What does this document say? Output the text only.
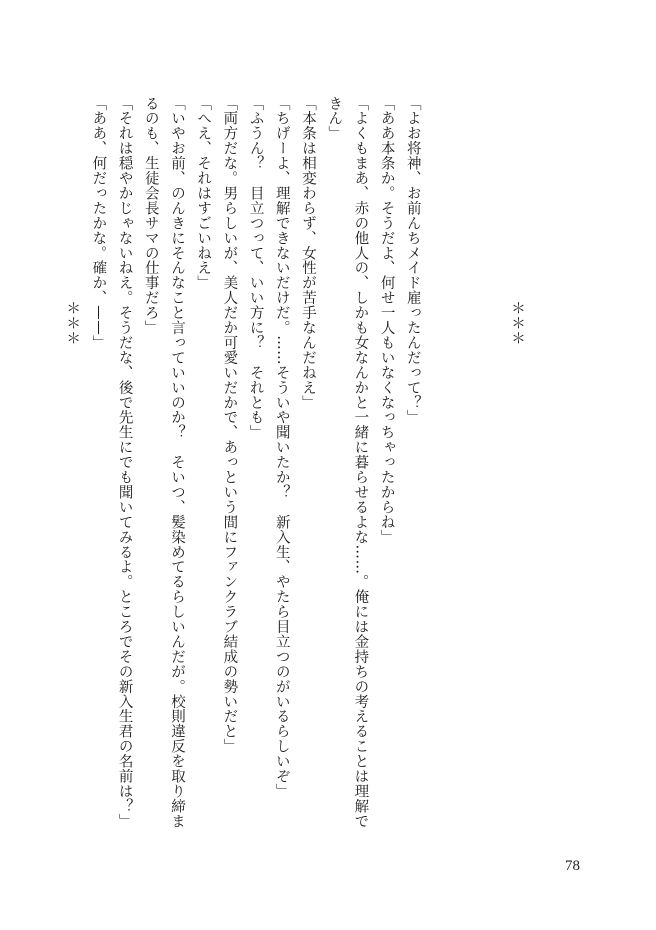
＊＊＊
「よお将神、お前んちメイド雇ったんだって？」
「ああ本条か。そうだよ、何せ一人もいなくなっちゃったからね」
「よくもまあ、赤の他人の、しかも女なんかと一緒に暮らせるよな……。俺には金持ちの考えることは理解できん」
「本条は相変わらず、女性が苦手なんだねえ」
「ちげーよ、理解できないだけだ。……そういや聞いたか？　新入生、やたら目立つのがいるらしいぞ」
「ふうん？　目立つって、いい方に？　それとも」
「両方だな。男らしいが、美人だか可愛いだかで、あっという間にファンクラブ結成の勢いだと」
「へえ、それはすごいねえ」
「いやお前、のんきにそんなこと言っていいのか？　そいつ、髪染めてるらしいんだが。校則違反を取り締まるのも、生徒会長サマの仕事だろ」
「それは穏やかじゃないねえ。そうだな、後で先生にでも聞いてみるよ。ところでその新入生君の名前は？」
「ああ、何だったかな。確か、——」
＊＊＊
78
